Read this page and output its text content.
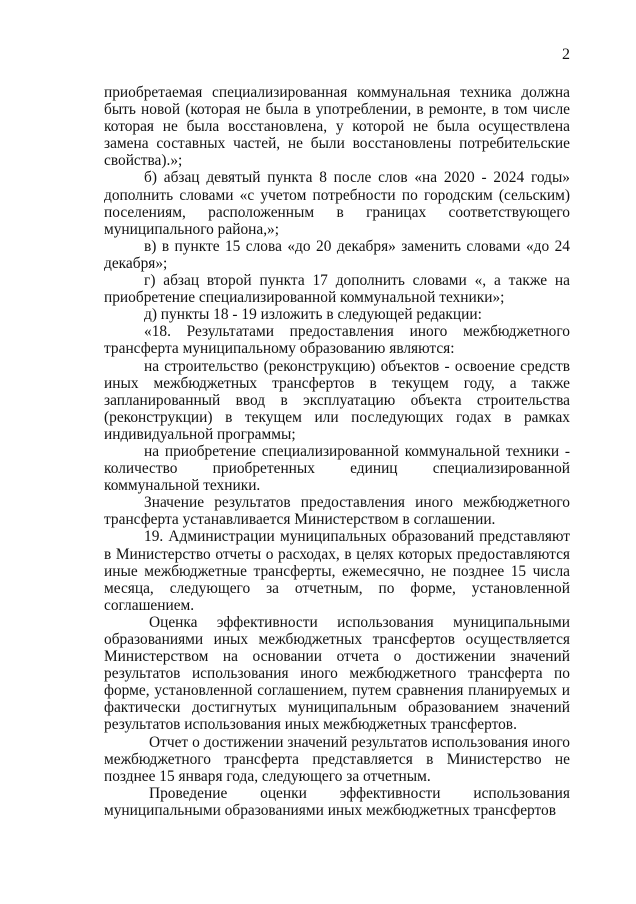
2

приобретаемая специализированная коммунальная техника должна быть новой (которая не была в употреблении, в ремонте, в том числе которая не была восстановлена, у которой не была осуществлена замена составных частей, не были восстановлены потребительские свойства).»;

б) абзац девятый пункта 8 после слов «на 2020 - 2024 годы» дополнить словами «с учетом потребности по городским (сельским) поселениям, расположенным в границах соответствующего муниципального района,»;

в) в пункте 15 слова «до 20 декабря» заменить словами «до 24 декабря»;

г) абзац второй пункта 17 дополнить словами «, а также на приобретение специализированной коммунальной техники»;

д) пункты 18 - 19 изложить в следующей редакции:

«18. Результатами предоставления иного межбюджетного трансферта муниципальному образованию являются:

на строительство (реконструкцию) объектов - освоение средств иных межбюджетных трансфертов в текущем году, а также запланированный ввод в эксплуатацию объекта строительства (реконструкции) в текущем или последующих годах в рамках индивидуальной программы;

на приобретение специализированной коммунальной техники - количество приобретенных единиц специализированной коммунальной техники.

Значение результатов предоставления иного межбюджетного трансферта устанавливается Министерством в соглашении.

19. Администрации муниципальных образований представляют в Министерство отчеты о расходах, в целях которых предоставляются иные межбюджетные трансферты, ежемесячно, не позднее 15 числа месяца, следующего за отчетным, по форме, установленной соглашением.

Оценка эффективности использования муниципальными образованиями иных межбюджетных трансфертов осуществляется Министерством на основании отчета о достижении значений результатов использования иного межбюджетного трансферта по форме, установленной соглашением, путем сравнения планируемых и фактически достигнутых муниципальным образованием значений результатов использования иных межбюджетных трансфертов.

Отчет о достижении значений результатов использования иного межбюджетного трансферта представляется в Министерство не позднее 15 января года, следующего за отчетным.

Проведение оценки эффективности использования муниципальными образованиями иных межбюджетных трансфертов
